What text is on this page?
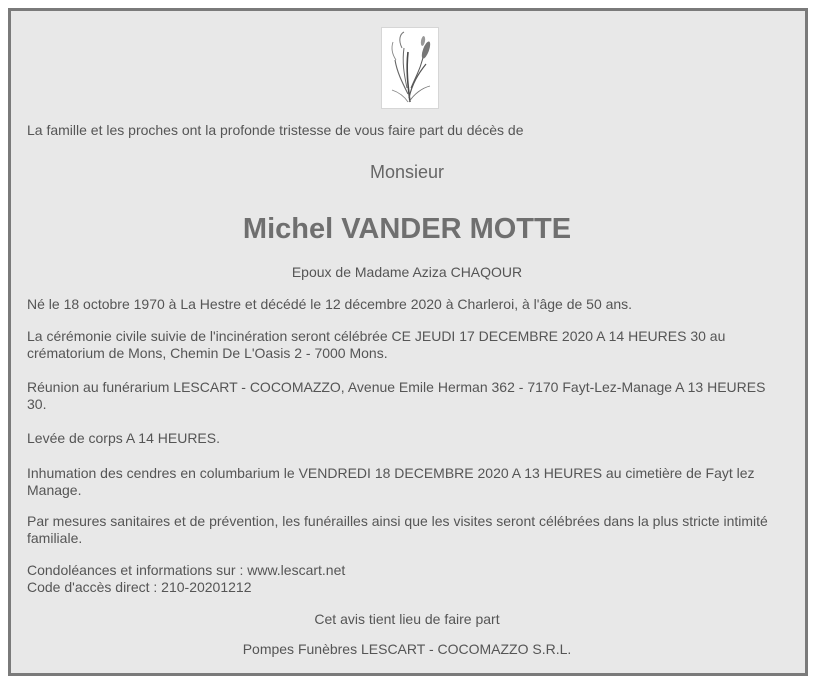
La famille et les proches ont la profonde tristesse de vous faire part du décès de

Monsieur

Michel VANDER MOTTE

Epoux de Madame Aziza CHAQOUR

Né le 18 octobre 1970 à La Hestre et décédé le 12 décembre 2020 à Charleroi, à l'âge de 50 ans.

La cérémonie civile suivie de l'incinération seront célébrée CE JEUDI 17 DECEMBRE 2020 A 14 HEURES 30 au crématorium de Mons, Chemin De L'Oasis 2 - 7000 Mons.

Réunion au funérarium LESCART - COCOMAZZO, Avenue Emile Herman 362 - 7170 Fayt-Lez-Manage A 13 HEURES 30.

Levée de corps A 14 HEURES.

Inhumation des cendres en columbarium le VENDREDI 18 DECEMBRE 2020 A 13 HEURES au cimetière de Fayt lez Manage.

Par mesures sanitaires et de prévention, les funérailles ainsi que les visites seront célébrées dans la plus stricte intimité familiale.

Condoléances et informations sur : www.lescart.net

Code d'accès direct : 210-20201212

Cet avis tient lieu de faire part

Pompes Funèbres LESCART - COCOMAZZO S.R.L.
